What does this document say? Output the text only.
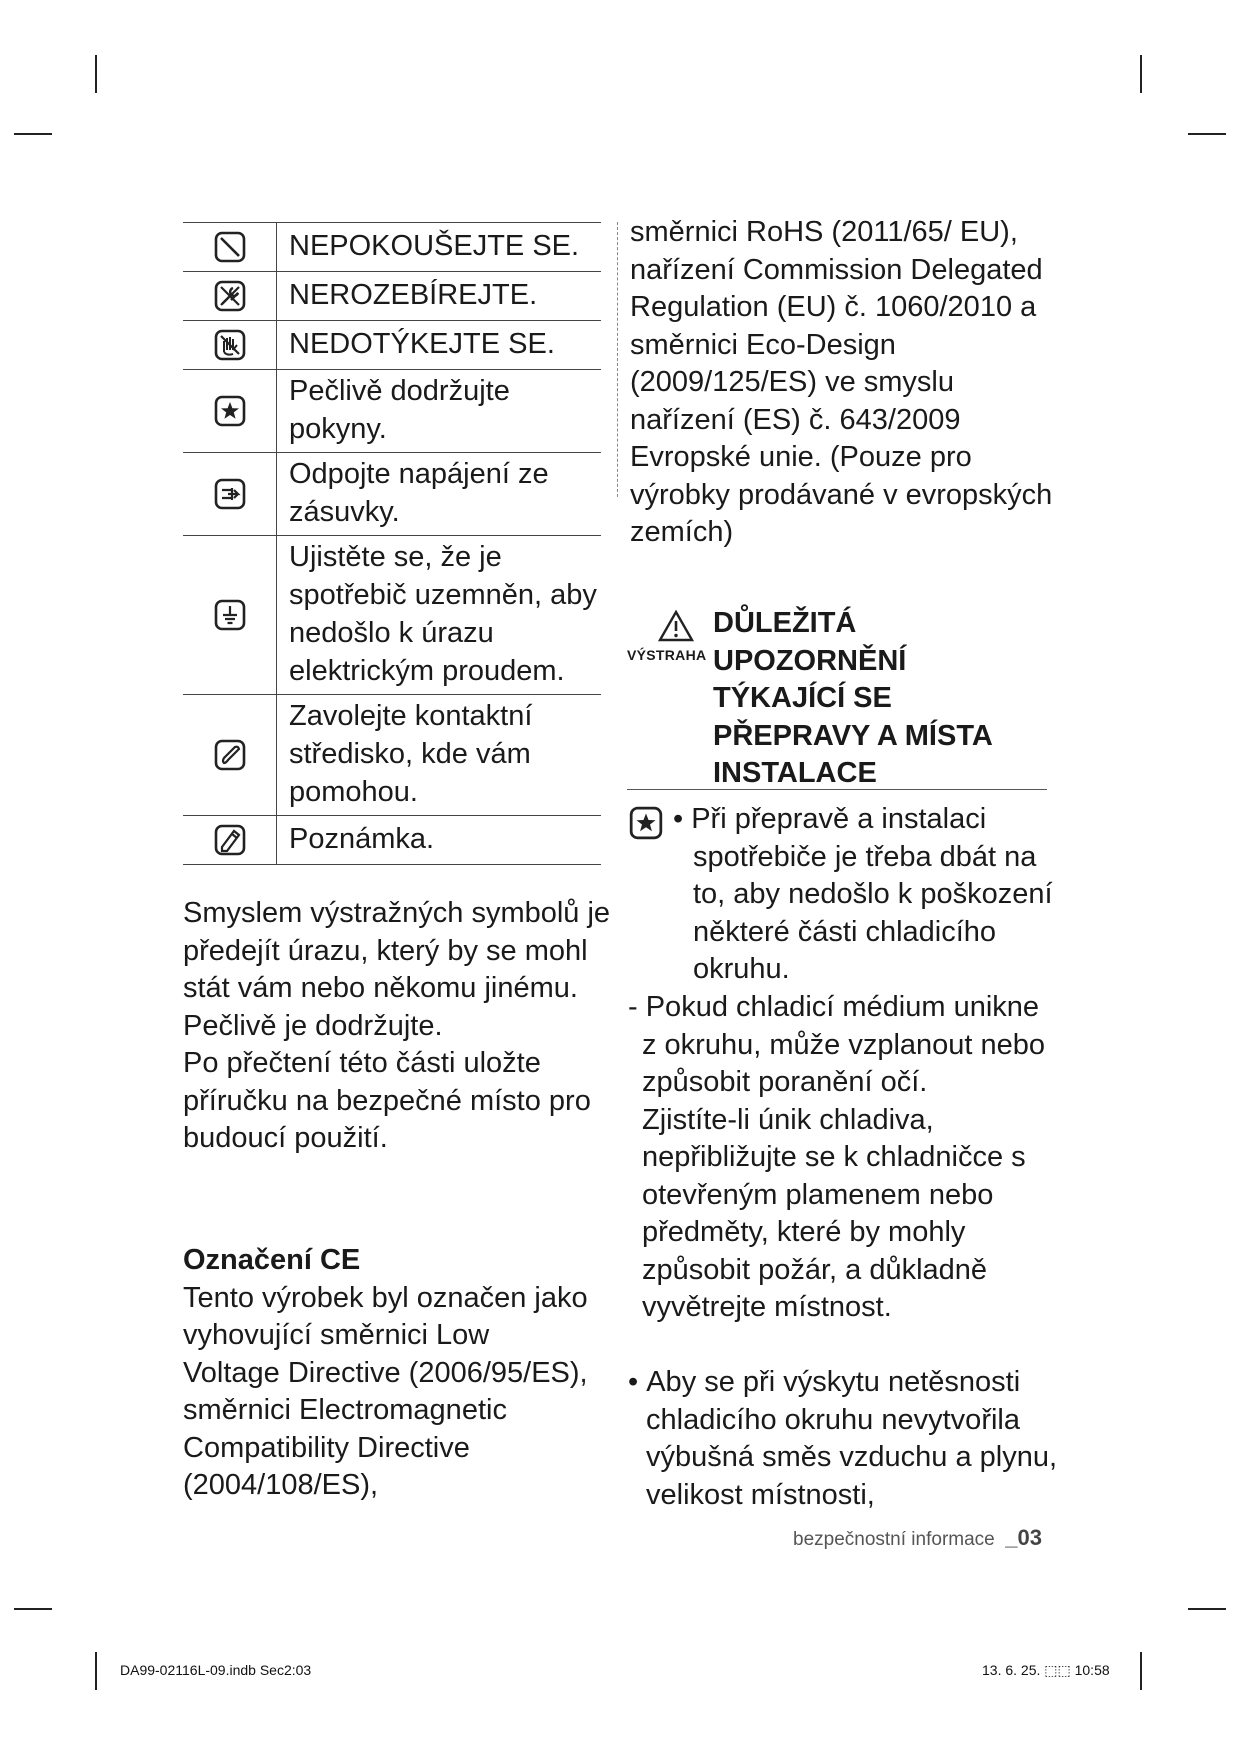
	NEPOKOUŠEJTE SE.
	NEROZEBÍREJTE.
	NEDOTÝKEJTE SE.
	Pečlivě dodržujte pokyny.
	Odpojte napájení ze zásuvky.
	Ujistěte se, že je spotřebič uzemněn, aby nedošlo k úrazu elektrickým proudem.
	Zavolejte kontaktní středisko, kde vám pomohou.
	Poznámka.

Smyslem výstražných symbolů je předejít úrazu, který by se mohl stát vám nebo někomu jinému.

Pečlivě je dodržujte.

Po přečtení této části uložte příručku na bezpečné místo pro budoucí použití.

Označení CE

Tento výrobek byl označen jako vyhovující směrnici Low Voltage Directive (2006/95/ES), směrnici Electromagnetic Compatibility Directive (2004/108/ES),

směrnici RoHS (2011/65/ EU), nařízení Commission Delegated Regulation (EU) č. 1060/2010 a směrnici Eco-Design (2009/125/ES) ve smyslu nařízení (ES) č. 643/2009 Evropské unie. (Pouze pro výrobky prodávané v evropských zemích)
VÝSTRAHA

DŮLEŽITÁ UPOZORNĚNÍ TÝKAJÍCÍ SE PŘEPRAVY A MÍSTA INSTALACE

• Při přepravě a instalaci spotřebiče je třeba dbát na to, aby nedošlo k poškození některé části chladicího okruhu.

- Pokud chladicí médium unikne z okruhu, může vzplanout nebo způsobit poranění očí.

Zjistíte-li únik chladiva, nepřibližujte se k chladničce s otevřeným plamenem nebo předměty, které by mohly způsobit požár, a důkladně vyvětrejte místnost.

• Aby se při výskytu netěsnosti chladicího okruhu nevytvořila výbušná směs vzduchu a plynu, velikost místnosti,

bezpečnostní informace _03
DA99-02116L-09.indb Sec2:03	13. 6. 25. ⬚⬚ 10:58
